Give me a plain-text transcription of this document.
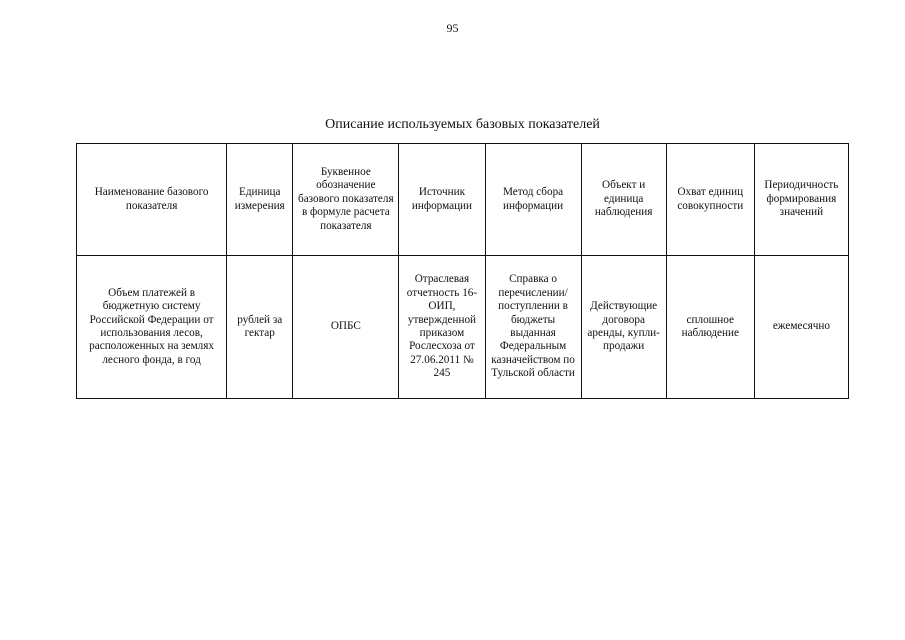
95
Описание используемых базовых показателей
Наименование базового показателя	Единица измерения	Буквенное обозначение базового показателя в формуле расчета показателя	Источник информации	Метод сбора информации	Объект и единица наблюдения	Охват единиц совокупности	Периодичность формирования значений
Объем платежей в бюджетную систему Российской Федерации от использования лесов, расположенных на землях лесного фонда, в год	рублей за гектар	ОПБС	Отраслевая отчетность 16-ОИП, утвержденной приказом Рослесхоза от 27.06.2011 № 245	Справка о перечислении/ поступлении в бюджеты выданная Федеральным казначейством по Тульской области	Действующие договора аренды, купли-продажи	сплошное наблюдение	ежемесячно
